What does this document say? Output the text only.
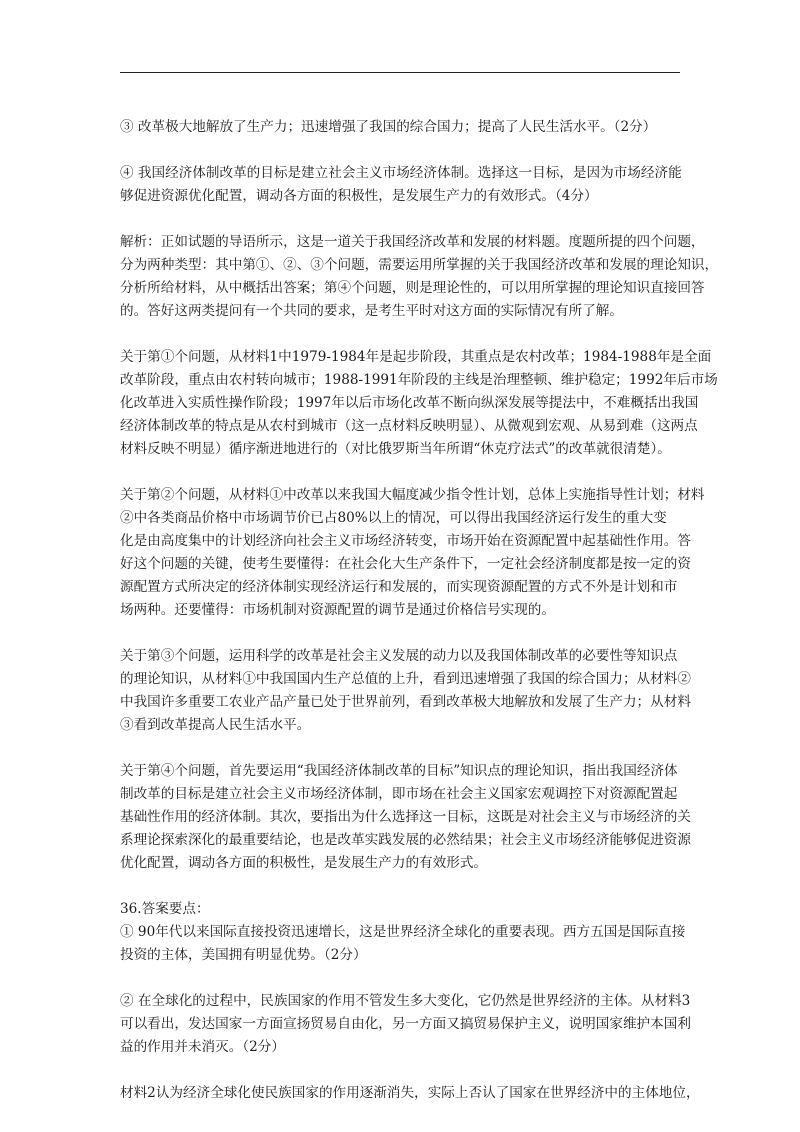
③ 改革极大地解放了生产力；迅速增强了我国的综合国力；提高了人民生活水平。（2分）
④ 我国经济体制改革的目标是建立社会主义市场经济体制。选择这一目标，是因为市场经济能
够促进资源优化配置，调动各方面的积极性，是发展生产力的有效形式。（4分）
解析：正如试题的导语所示，这是一道关于我国经济改革和发展的材料题。度题所提的四个问题，
分为两种类型：其中第①、②、③个问题，需要运用所掌握的关于我国经济改革和发展的理论知识，
分析所给材料，从中概括出答案；第④个问题，则是理论性的，可以用所掌握的理论知识直接回答
的。答好这两类提问有一个共同的要求，是考生平时对这方面的实际情况有所了解。
关于第①个问题，从材料1中1979-1984年是起步阶段，其重点是农村改革；1984-1988年是全面
改革阶段，重点由农村转向城市；1988-1991年阶段的主线是治理整顿、维护稳定；1992年后市场
化改革进入实质性操作阶段；1997年以后市场化改革不断向纵深发展等提法中，不难概括出我国
经济体制改革的特点是从农村到城市（这一点材料反映明显）、从微观到宏观、从易到难（这两点
材料反映不明显）循序渐进地进行的（对比俄罗斯当年所谓“休克疗法式”的改革就很清楚）。
关于第②个问题，从材料①中改革以来我国大幅度减少指令性计划，总体上实施指导性计划；材料
②中各类商品价格中市场调节价已占80%以上的情况，可以得出我国经济运行发生的重大变
化是由高度集中的计划经济向社会主义市场经济转变，市场开始在资源配置中起基础性作用。答
好这个问题的关键，使考生要懂得：在社会化大生产条件下，一定社会经济制度都是按一定的资
源配置方式所决定的经济体制实现经济运行和发展的，而实现资源配置的方式不外是计划和市
场两种。还要懂得：市场机制对资源配置的调节是通过价格信号实现的。
关于第③个问题，运用科学的改革是社会主义发展的动力以及我国体制改革的必要性等知识点
的理论知识，从材料①中我国国内生产总值的上升，看到迅速增强了我国的综合国力；从材料②
中我国许多重要工农业产品产量已处于世界前列，看到改革极大地解放和发展了生产力；从材料
③看到改革提高人民生活水平。
关于第④个问题，首先要运用“我国经济体制改革的目标”知识点的理论知识，指出我国经济体
制改革的目标是建立社会主义市场经济体制，即市场在社会主义国家宏观调控下对资源配置起
基础性作用的经济体制。其次，要指出为什么选择这一目标，这既是对社会主义与市场经济的关
系理论探索深化的最重要结论，也是改革实践发展的必然结果；社会主义市场经济能够促进资源
优化配置，调动各方面的积极性，是发展生产力的有效形式。
36.答案要点：
① 90年代以来国际直接投资迅速增长，这是世界经济全球化的重要表现。西方五国是国际直接
投资的主体，美国拥有明显优势。（2分）
② 在全球化的过程中，民族国家的作用不管发生多大变化，它仍然是世界经济的主体。从材料3
可以看出，发达国家一方面宣扬贸易自由化，另一方面又搞贸易保护主义，说明国家维护本国利
益的作用并未消灭。（2分）
材料2认为经济全球化使民族国家的作用逐渐消失，实际上否认了国家在世界经济中的主体地位，
